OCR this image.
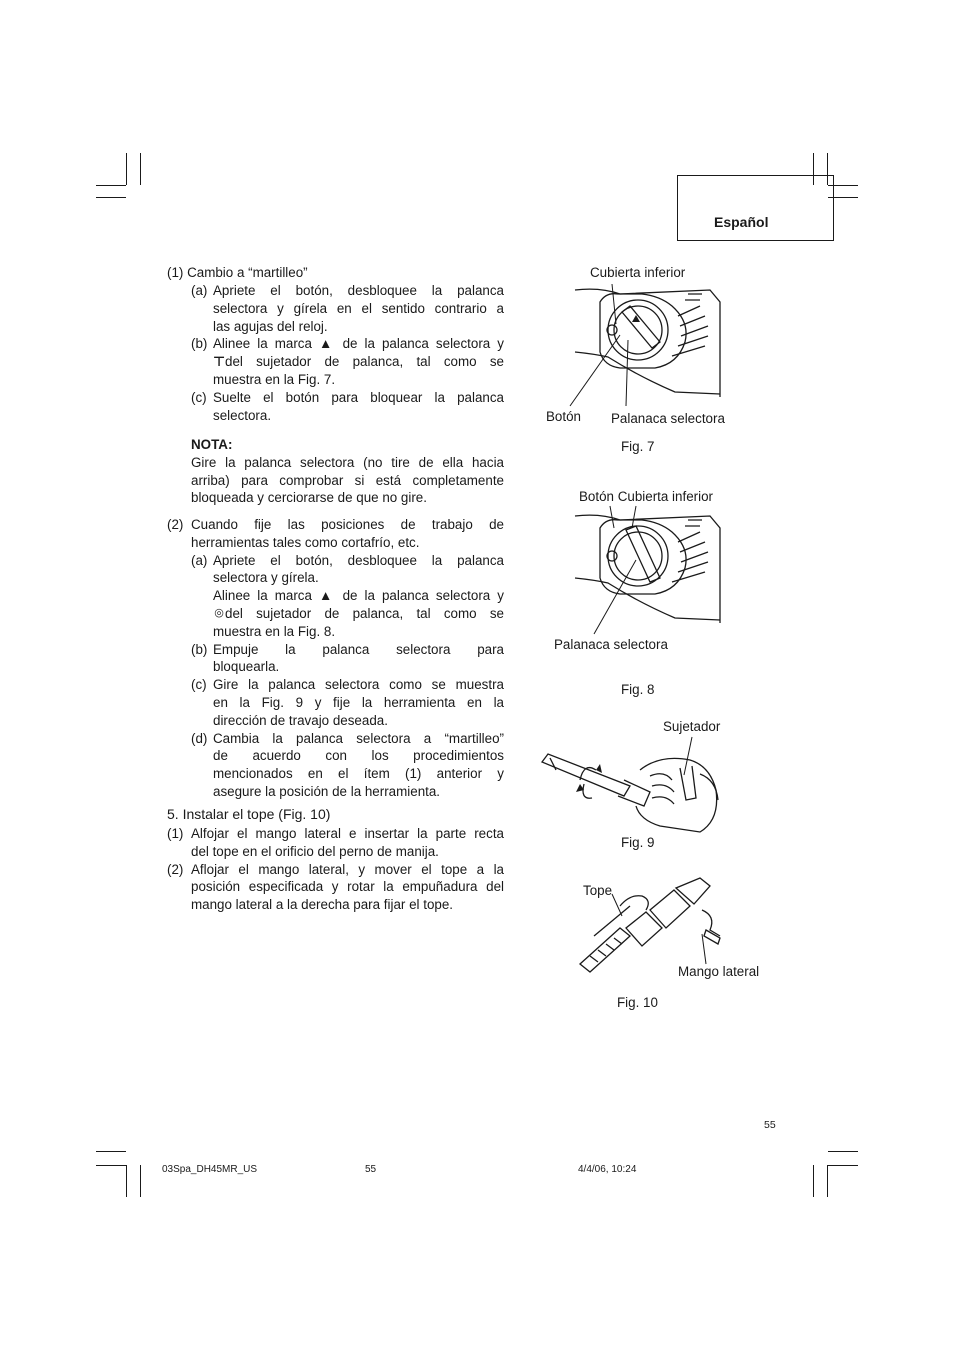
Español
(1) Cambio a “martilleo”
(a) Apriete el botón, desbloquee la palanca
selectora y gírela en el sentido contrario a
las agujas del reloj.
(b) Alinee la marca ▲ de la palanca selectora y
⊤ del sujetador de palanca, tal como se
muestra en la Fig. 7.
(c) Suelte el botón para bloquear la palanca
selectora.
NOTA:
Gire la palanca selectora (no tire de ella hacia
arriba) para comprobar si está completamente
bloqueada y cerciorarse de que no gire.
(2) Cuando fije las posiciones de trabajo de
herramientas tales como cortafrío, etc.
(a) Apriete el botón, desbloquee la palanca
selectora y gírela.
Alinee la marca ▲ de la palanca selectora y
◎ del sujetador de palanca, tal como se
muestra en la Fig. 8.
(b) Empuje la palanca selectora para
bloquearla.
(c) Gire la palanca selectora como se muestra
en la Fig. 9 y fije la herramienta en la
dirección de travajo deseada.
(d) Cambia la palanca selectora a “martilleo”
de acuerdo con los procedimientos
mencionados en el ítem (1) anterior y
asegure la posición de la herramienta.
5. Instalar el tope (Fig. 10)
(1) Alfojar el mango lateral e insertar la parte recta
del tope en el orificio del perno de manija.
(2) Aflojar el mango lateral, y mover el tope a la
posición especificada y rotar la empuñadura del
mango lateral a la derecha para fijar el tope.
Cubierta inferior
Botón Palanaca selectora
Fig. 7
Botón Cubierta inferior
Palanaca selectora
Fig. 8
Sujetador
Fig. 9
Tope
Mango lateral
Fig. 10
55
03Spa_DH45MR_US	55	4/4/06, 10:24
